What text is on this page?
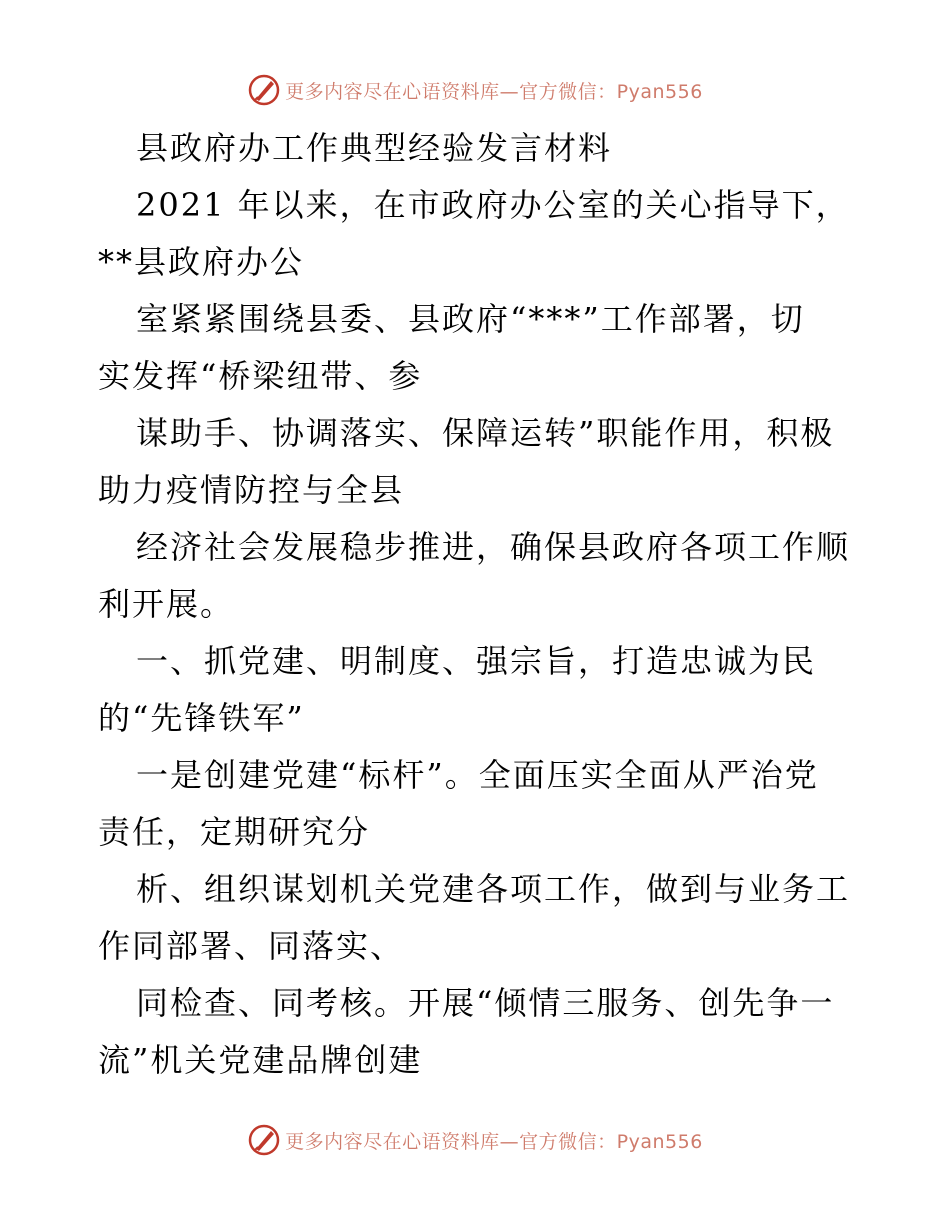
更多内容尽在心语资料库—官方微信：Pyan556

县政府办工作典型经验发言材料

2021 年以来，在市政府办公室的关心指导下，

**县政府办公

室紧紧围绕县委、县政府“***”工作部署，切

实发挥“桥梁纽带、参

谋助手、协调落实、保障运转”职能作用，积极

助力疫情防控与全县

经济社会发展稳步推进，确保县政府各项工作顺

利开展。

一、抓党建、明制度、强宗旨，打造忠诚为民

的“先锋铁军”

一是创建党建“标杆”。全面压实全面从严治党

责任，定期研究分

析、组织谋划机关党建各项工作，做到与业务工

作同部署、同落实、

同检查、同考核。开展“倾情三服务、创先争一

流”机关党建品牌创建

更多内容尽在心语资料库—官方微信：Pyan556
